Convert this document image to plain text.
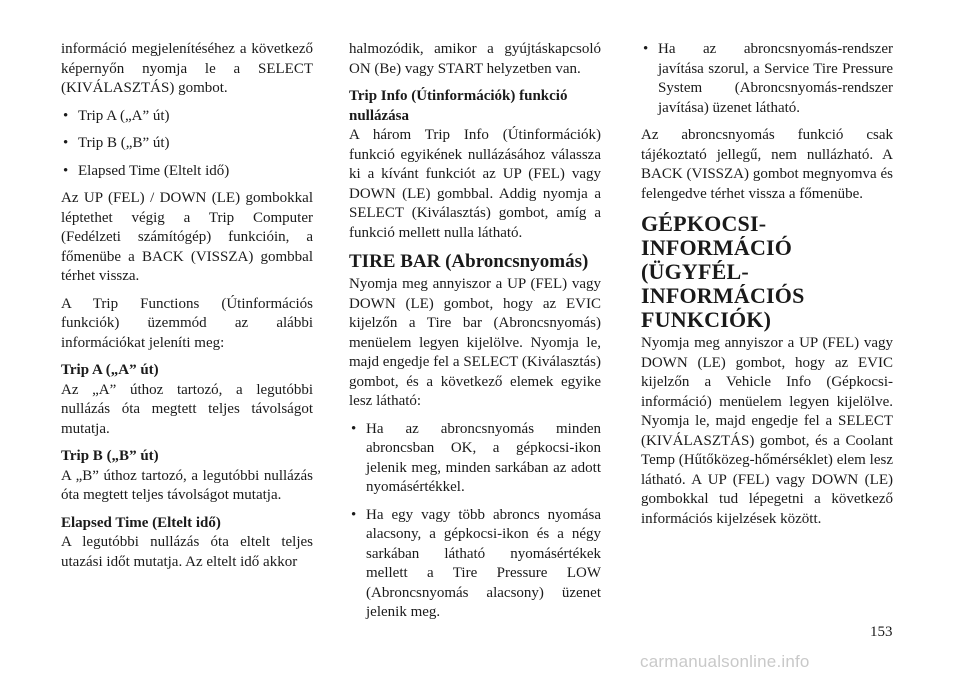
információ megjelenítéséhez a következő képernyőn nyomja le a SELECT (KIVÁLASZTÁS) gombot.

• Trip A („A” út)
• Trip B („B” út)
• Elapsed Time (Eltelt idő)

Az UP (FEL) / DOWN (LE) gombokkal léptethet végig a Trip Computer (Fedélzeti számítógép) funkcióin, a főmenübe a BACK (VISSZA) gombbal térhet vissza.

A Trip Functions (Útinformációs funkciók) üzemmód az alábbi információkat jeleníti meg:

Trip A („A” út)

Az „A” úthoz tartozó, a legutóbbi nullázás óta megtett teljes távolságot mutatja.

Trip B („B” út)

A „B” úthoz tartozó, a legutóbbi nullázás óta megtett teljes távolságot mutatja.

Elapsed Time (Eltelt idő)

A legutóbbi nullázás óta eltelt teljes utazási időt mutatja. Az eltelt idő akkor

halmozódik, amikor a gyújtáskapcsoló ON (Be) vagy START helyzetben van.

Trip Info (Útinformációk) funkció nullázása

A három Trip Info (Útinformációk) funkció egyikének nullázásához válassza ki a kívánt funkciót az UP (FEL) vagy DOWN (LE) gombbal. Addig nyomja a SELECT (Kiválasztás) gombot, amíg a funkció mellett nulla látható.

TIRE BAR (Abroncsnyomás)

Nyomja meg annyiszor a UP (FEL) vagy DOWN (LE) gombot, hogy az EVIC kijelzőn a Tire bar (Abroncsnyomás) menüelem legyen kijelölve. Nyomja le, majd engedje fel a SELECT (Kiválasztás) gombot, és a következő elemek egyike lesz látható:

• Ha az abroncsnyomás minden abroncsban OK, a gépkocsi-ikon jelenik meg, minden sarkában az adott nyomásértékkel.
• Ha egy vagy több abroncs nyomása alacsony, a gépkocsi-ikon és a négy sarkában látható nyomásértékek mellett a Tire Pressure LOW (Abroncsnyomás alacsony) üzenet jelenik meg.
• Ha az abroncsnyomás-rendszer javítása szorul, a Service Tire Pressure System (Abroncsnyomás-rendszer javítása) üzenet látható.

Az abroncsnyomás funkció csak tájékoztató jellegű, nem nullázható. A BACK (VISSZA) gombot megnyomva és felengedve térhet vissza a főmenübe.

GÉPKOCSI-INFORMÁCIÓ
(ÜGYFÉL-INFORMÁCIÓS
FUNKCIÓK)

Nyomja meg annyiszor a UP (FEL) vagy DOWN (LE) gombot, hogy az EVIC kijelzőn a Vehicle Info (Gépkocsi-információ) menüelem legyen kijelölve. Nyomja le, majd engedje fel a SELECT (KIVÁLASZTÁS) gombot, és a Coolant Temp (Hűtőközeg-hőmérséklet) elem lesz látható. A UP (FEL) vagy DOWN (LE) gombokkal tud lépegetni a következő információs kijelzések között.

153
carmanualsonline.info
